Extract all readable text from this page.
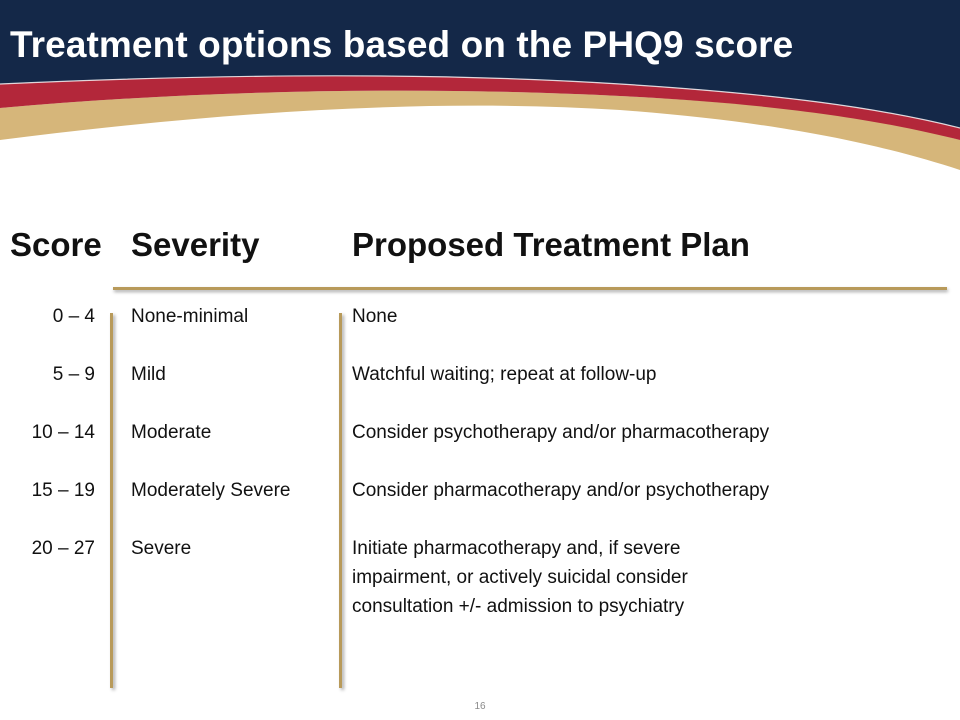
Treatment options based on the PHQ9 score
Score Severity	Proposed Treatment Plan
0 – 4 None-minimal	None
5 – 9 Mild	Watchful waiting; repeat at follow-up
10 – 14 Moderate	Consider psychotherapy and/or pharmacotherapy
15 – 19 Moderately Severe	Consider pharmacotherapy and/or psychotherapy
20 – 27 Severe	Initiate pharmacotherapy and, if severe impairment, or actively suicidal consider consultation +/- admission to psychiatry
16
